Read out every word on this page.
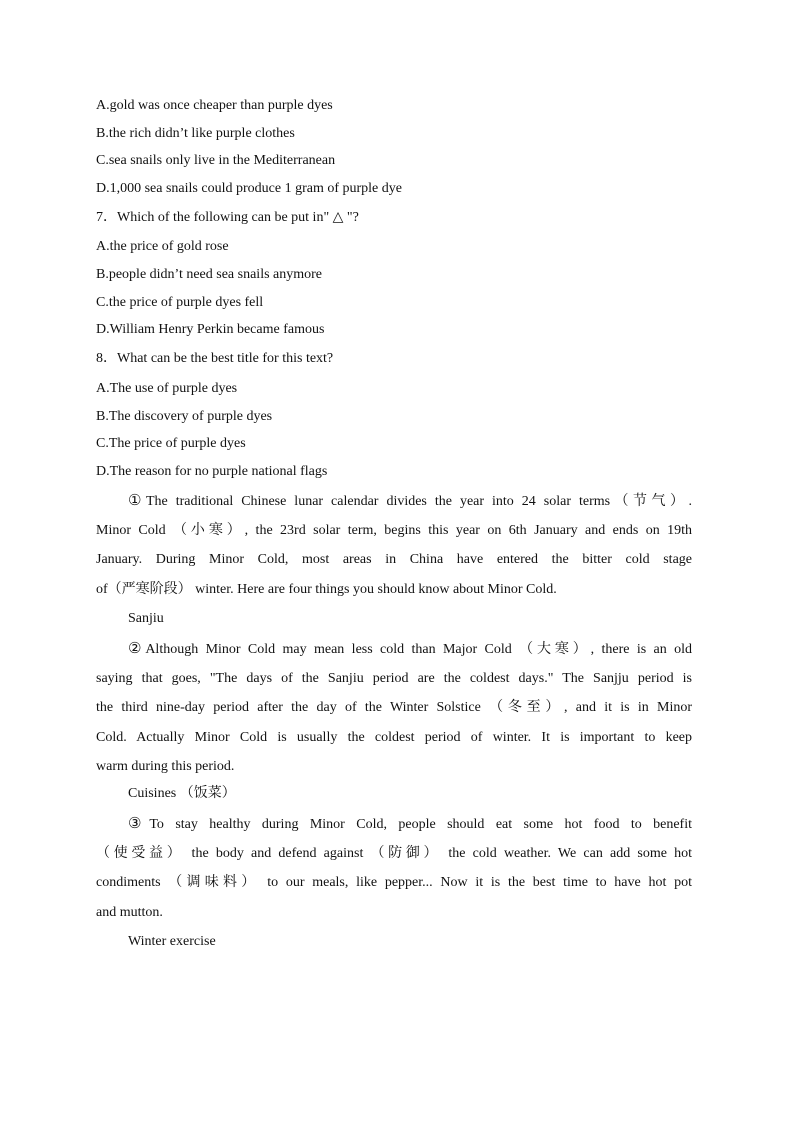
A.gold was once cheaper than purple dyes
B.the rich didn’t like purple clothes
C.sea snails only live in the Mediterranean
D.1,000 sea snails could produce 1 gram of purple dye
7．Which of the following can be put in" △ "?
A.the price of gold rose
B.people didn’t need sea snails anymore
C.the price of purple dyes fell
D.William Henry Perkin became famous
8．What can be the best title for this text?
A.The use of purple dyes
B.The discovery of purple dyes
C.The price of purple dyes
D.The reason for no purple national flags
①The traditional Chinese lunar calendar divides the year into 24 solar terms（节气）.
Minor Cold （小寒）, the 23rd solar term, begins this year on 6th January and ends on 19th
January. During Minor Cold, most areas in China have entered the bitter cold stage
of（严寒阶段） winter. Here are four things you should know about Minor Cold.
Sanjiu
②Although Minor Cold may mean less cold than Major Cold （大寒）, there is an old
saying that goes, "The days of the Sanjiu period are the coldest days." The Sanjju period is
the third nine-day period after the day of the Winter Solstice （冬至）, and it is in Minor
Cold. Actually Minor Cold is usually the coldest period of winter. It is important to keep
warm during this period.
Cuisines （饭菜）
③To stay healthy during Minor Cold, people should eat some hot food to benefit
（使受益） the body and defend against （防御） the cold weather. We can add some hot
condiments （调味料） to our meals, like pepper... Now it is the best time to have hot pot
and mutton.
Winter exercise
